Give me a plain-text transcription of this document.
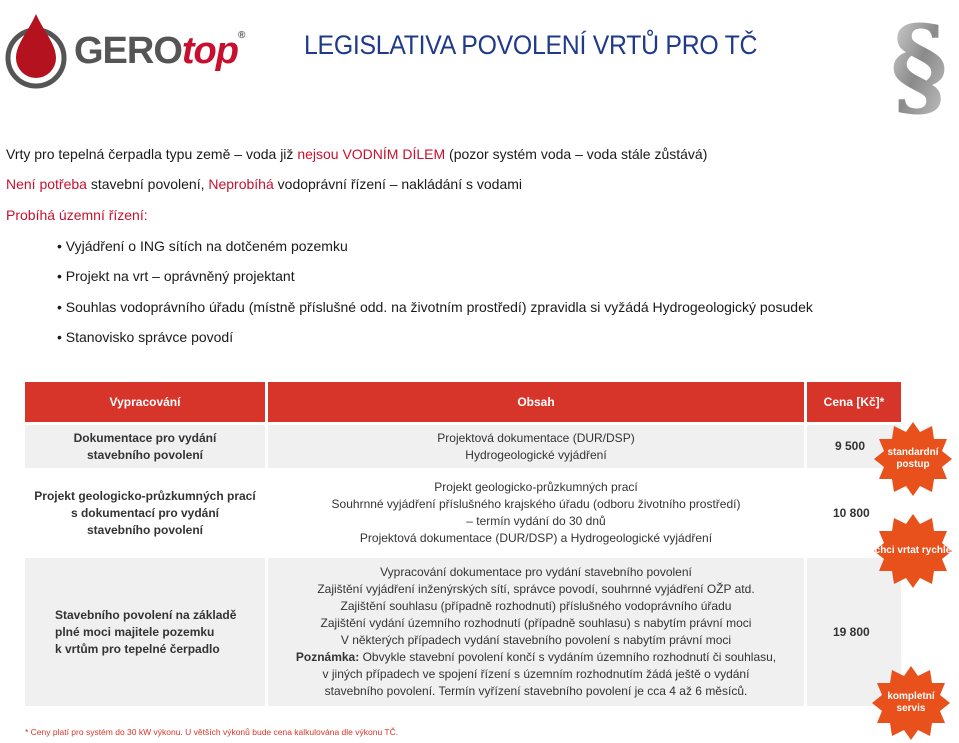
GEROtop® LEGISLATIVA POVOLENÍ VRTŮ PRO TČ §
Vrty pro tepelná čerpadla typu země – voda již nejsou VODNÍM DÍLEM (pozor systém voda – voda stále zůstává)
Není potřeba stavební povolení, Neprobíhá vodoprávní řízení – nakládání s vodami
Probíhá územní řízení:
• Vyjádření o ING sítích na dotčeném pozemku
• Projekt na vrt – oprávněný projektant
• Souhlas vodoprávního úřadu (místně příslušné odd. na životním prostředí) zpravidla si vyžádá Hydrogeologický posudek
• Stanovisko správce povodí
Vypracování	Obsah	Cena [Kč]*
Dokumentace pro vydání
stavebního povolení
Projektová dokumentace (DUR/DSP)
Hydrogeologické vyjádření
9 500
Projekt geologicko-průzkumných prací
s dokumentací pro vydání
stavebního povolení
Projekt geologicko-průzkumných prací
Souhrnné vyjádření příslušného krajského úřadu (odboru životního prostředí)
– termín vydání do 30 dnů
Projektová dokumentace (DUR/DSP) a Hydrogeologické vyjádření
10 800
Stavebního povolení na základě
plné moci majitele pozemku
k vrtům pro tepelné čerpadlo
Vypracování dokumentace pro vydání stavebního povolení
Zajištění vyjádření inženýrských sítí, správce povodí, souhrnné vyjádření OŽP atd.
Zajištění souhlasu (případně rozhodnutí) příslušného vodoprávního úřadu
Zajištění vydání územního rozhodnutí (případně souhlasu) s nabytím právní moci
V některých případech vydání stavebního povolení s nabytím právní moci
Poznámka: Obvykle stavební povolení končí s vydáním územního rozhodnutí či souhlasu,
v jiných případech ve spojení řízení s územním rozhodnutím žádá ještě o vydání
stavebního povolení. Termín vyřízení stavebního povolení je cca 4 až 6 měsíců.
19 800
standardní postup
chci vrtat rychle
kompletní servis
* Ceny platí pro systém do 30 kW výkonu. U větších výkonů bude cena kalkulována dle výkonu TČ.
